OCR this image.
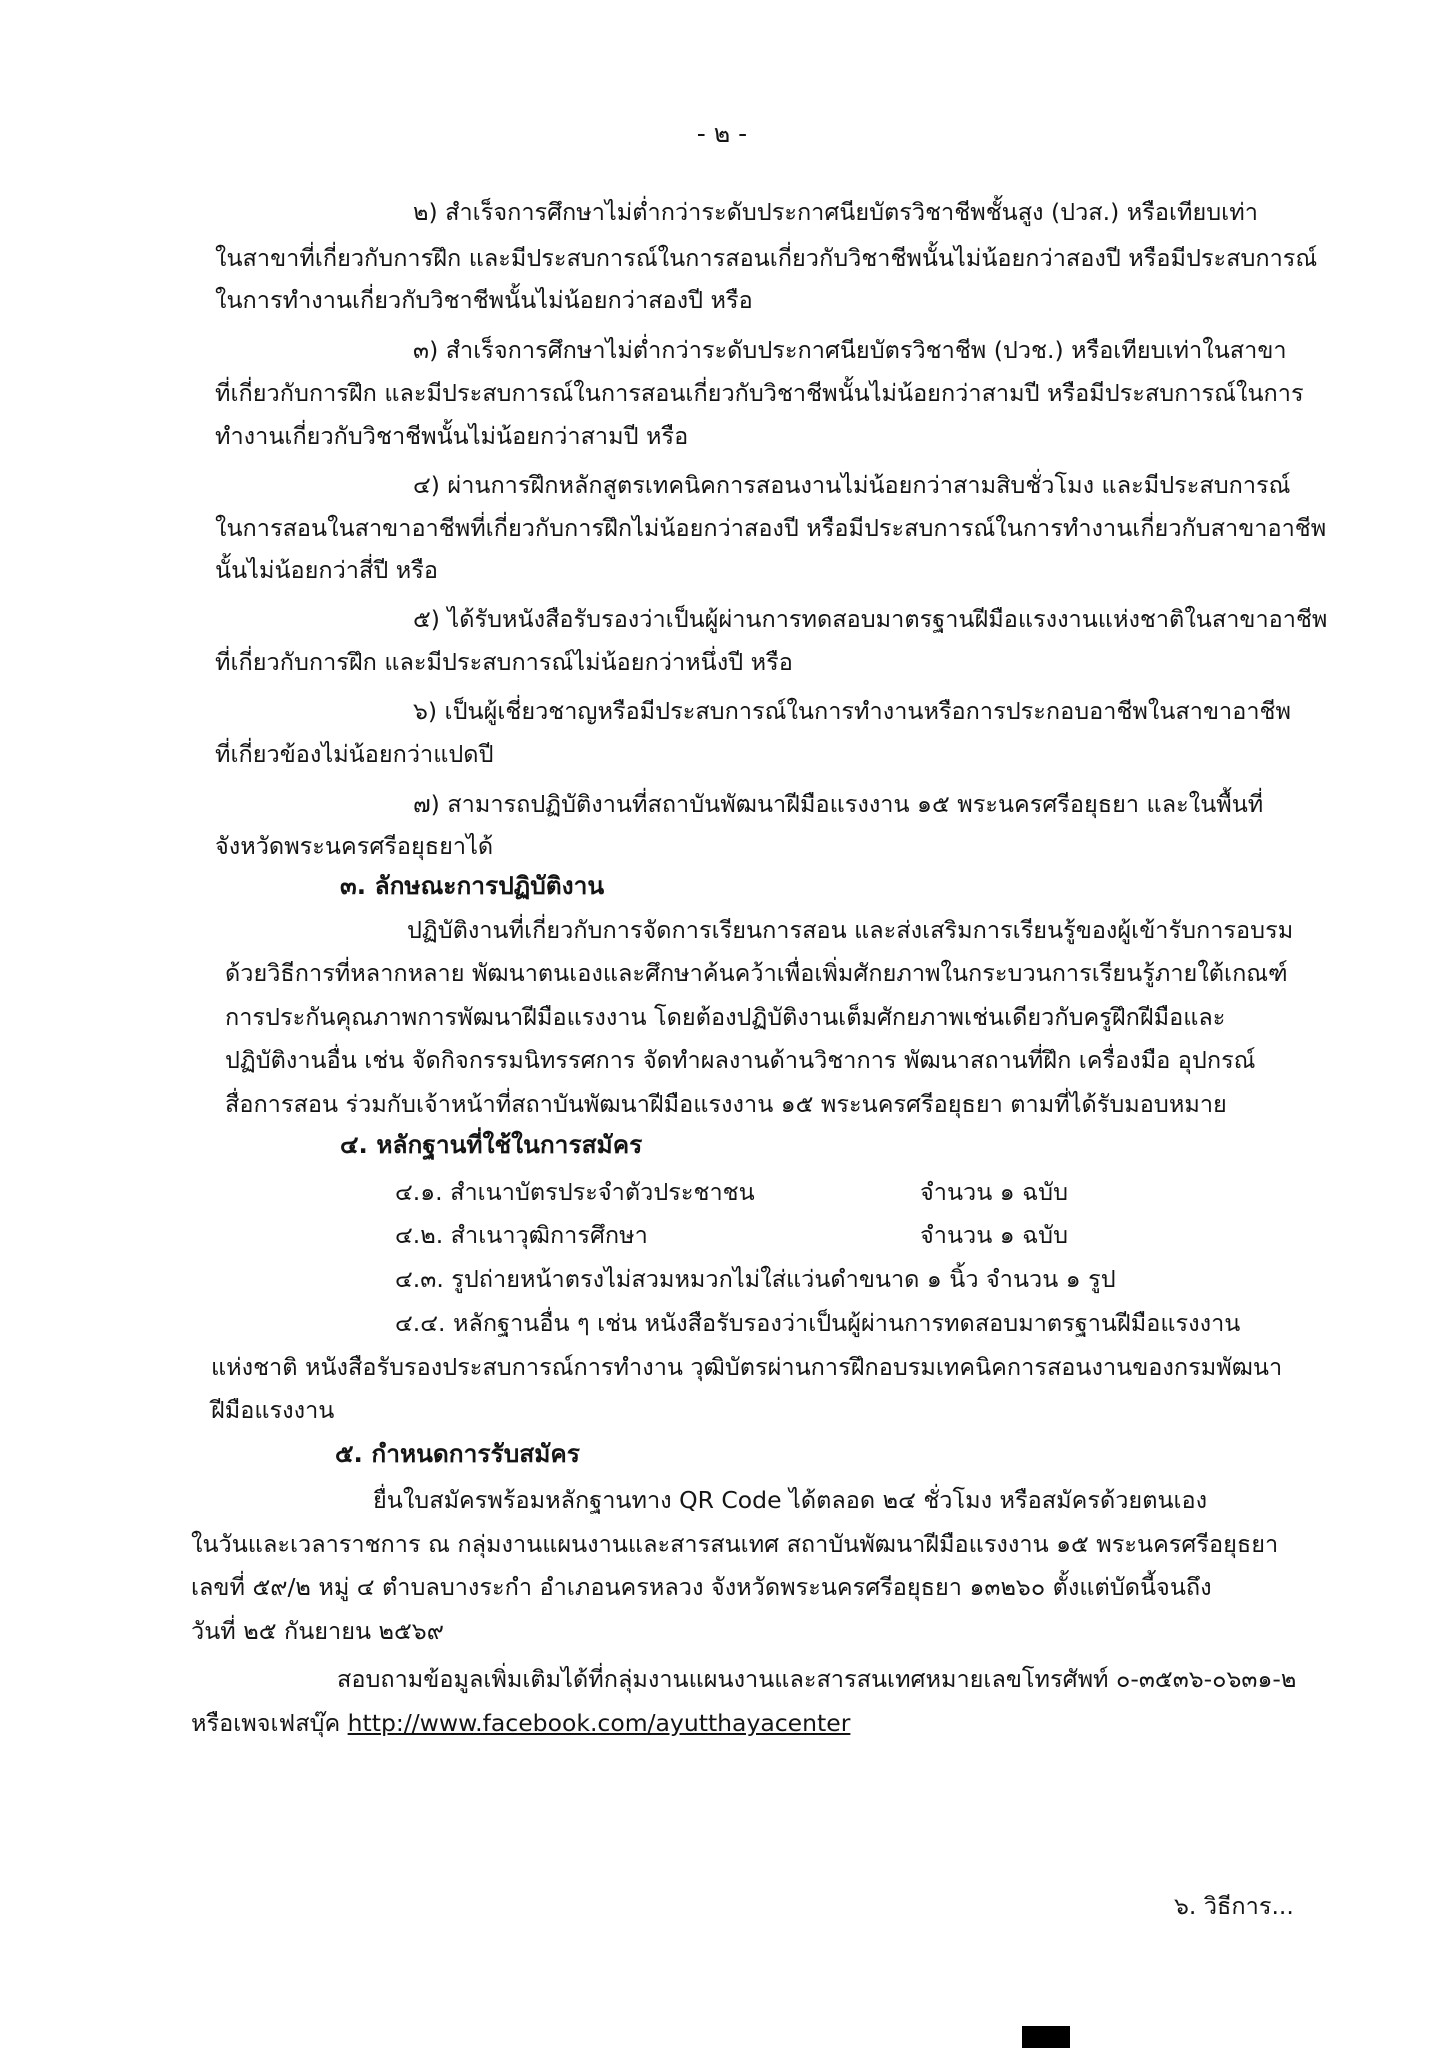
- ๒ -
๒) สำเร็จการศึกษาไม่ต่ำกว่าระดับประกาศนียบัตรวิชาชีพชั้นสูง (ปวส.) หรือเทียบเท่า
ในสาขาที่เกี่ยวกับการฝึก และมีประสบการณ์ในการสอนเกี่ยวกับวิชาชีพนั้นไม่น้อยกว่าสองปี หรือมีประสบการณ์
ในการทำงานเกี่ยวกับวิชาชีพนั้นไม่น้อยกว่าสองปี หรือ
๓) สำเร็จการศึกษาไม่ต่ำกว่าระดับประกาศนียบัตรวิชาชีพ (ปวช.) หรือเทียบเท่าในสาขา
ที่เกี่ยวกับการฝึก และมีประสบการณ์ในการสอนเกี่ยวกับวิชาชีพนั้นไม่น้อยกว่าสามปี หรือมีประสบการณ์ในการ
ทำงานเกี่ยวกับวิชาชีพนั้นไม่น้อยกว่าสามปี หรือ
๔) ผ่านการฝึกหลักสูตรเทคนิคการสอนงานไม่น้อยกว่าสามสิบชั่วโมง และมีประสบการณ์
ในการสอนในสาขาอาชีพที่เกี่ยวกับการฝึกไม่น้อยกว่าสองปี หรือมีประสบการณ์ในการทำงานเกี่ยวกับสาขาอาชีพ
นั้นไม่น้อยกว่าสี่ปี หรือ
๕) ได้รับหนังสือรับรองว่าเป็นผู้ผ่านการทดสอบมาตรฐานฝีมือแรงงานแห่งชาติในสาขาอาชีพ
ที่เกี่ยวกับการฝึก และมีประสบการณ์ไม่น้อยกว่าหนึ่งปี หรือ
๖) เป็นผู้เชี่ยวชาญหรือมีประสบการณ์ในการทำงานหรือการประกอบอาชีพในสาขาอาชีพ
ที่เกี่ยวข้องไม่น้อยกว่าแปดปี
๗) สามารถปฏิบัติงานที่สถาบันพัฒนาฝีมือแรงงาน ๑๕ พระนครศรีอยุธยา และในพื้นที่
จังหวัดพระนครศรีอยุธยาได้
๓. ลักษณะการปฏิบัติงาน
ปฏิบัติงานที่เกี่ยวกับการจัดการเรียนการสอน และส่งเสริมการเรียนรู้ของผู้เข้ารับการอบรม
ด้วยวิธีการที่หลากหลาย พัฒนาตนเองและศึกษาค้นคว้าเพื่อเพิ่มศักยภาพในกระบวนการเรียนรู้ภายใต้เกณฑ์
การประกันคุณภาพการพัฒนาฝีมือแรงงาน โดยต้องปฏิบัติงานเต็มศักยภาพเช่นเดียวกับครูฝึกฝีมือและ
ปฏิบัติงานอื่น เช่น จัดกิจกรรมนิทรรศการ จัดทำผลงานด้านวิชาการ พัฒนาสถานที่ฝึก เครื่องมือ อุปกรณ์
สื่อการสอน ร่วมกับเจ้าหน้าที่สถาบันพัฒนาฝีมือแรงงาน ๑๕ พระนครศรีอยุธยา ตามที่ได้รับมอบหมาย
๔. หลักฐานที่ใช้ในการสมัคร
๔.๑. สำเนาบัตรประจำตัวประชาชน	จำนวน ๑ ฉบับ
๔.๒. สำเนาวุฒิการศึกษา	จำนวน ๑ ฉบับ
๔.๓. รูปถ่ายหน้าตรงไม่สวมหมวกไม่ใส่แว่นดำขนาด ๑ นิ้ว จำนวน ๑ รูป
๔.๔. หลักฐานอื่น ๆ เช่น หนังสือรับรองว่าเป็นผู้ผ่านการทดสอบมาตรฐานฝีมือแรงงาน
แห่งชาติ หนังสือรับรองประสบการณ์การทำงาน วุฒิบัตรผ่านการฝึกอบรมเทคนิคการสอนงานของกรมพัฒนา
ฝีมือแรงงาน
๕. กำหนดการรับสมัคร
ยื่นใบสมัครพร้อมหลักฐานทาง QR Code ได้ตลอด ๒๔ ชั่วโมง หรือสมัครด้วยตนเอง
ในวันและเวลาราชการ ณ กลุ่มงานแผนงานและสารสนเทศ สถาบันพัฒนาฝีมือแรงงาน ๑๕ พระนครศรีอยุธยา
เลขที่ ๕๙/๒ หมู่ ๔ ตำบลบางระกำ อำเภอนครหลวง จังหวัดพระนครศรีอยุธยา ๑๓๒๖๐ ตั้งแต่บัดนี้จนถึง
วันที่ ๒๕ กันยายน ๒๕๖๙
สอบถามข้อมูลเพิ่มเติมได้ที่กลุ่มงานแผนงานและสารสนเทศหมายเลขโทรศัพท์ ๐-๓๕๓๖-๐๖๓๑-๒
หรือเพจเฟสบุ๊ค http://www.facebook.com/ayutthayacenter
๖. วิธีการ...
